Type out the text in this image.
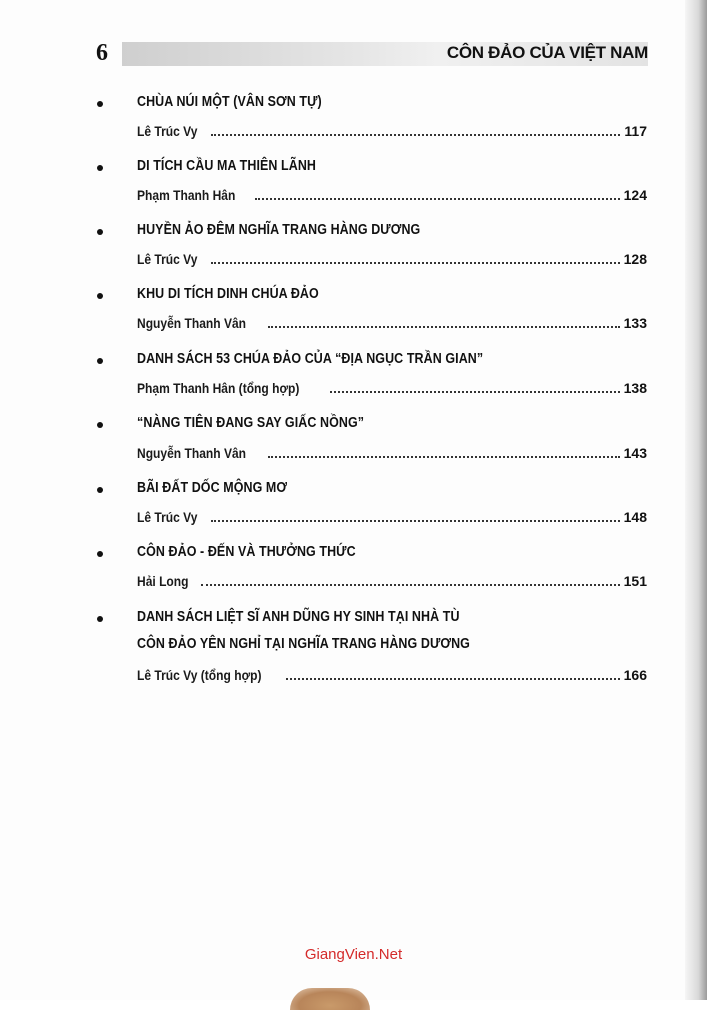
6	CÔN ĐẢO CỦA VIỆT NAM
CHÙA NÚI MỘT (VÂN SƠN TỰ)
Lê Trúc Vy	117
DI TÍCH CẦU MA THIÊN LÃNH
Phạm Thanh Hân	124
HUYỀN ẢO ĐÊM NGHĨA TRANG HÀNG DƯƠNG
Lê Trúc Vy	128
KHU DI TÍCH DINH CHÚA ĐẢO
Nguyễn Thanh Vân	133
DANH SÁCH 53 CHÚA ĐẢO CỦA “ĐỊA NGỤC TRẦN GIAN”
Phạm Thanh Hân (tổng hợp)	138
“NÀNG TIÊN ĐANG SAY GIẤC NỒNG”
Nguyễn Thanh Vân	143
BÃI ĐẤT DỐC MỘNG MƠ
Lê Trúc Vy	148
CÔN ĐẢO - ĐẾN VÀ THƯỞNG THỨC
Hải Long	151
DANH SÁCH LIỆT SĨ ANH DŨNG HY SINH TẠI NHÀ TÙ
CÔN ĐẢO YÊN NGHỈ TẠI NGHĨA TRANG HÀNG DƯƠNG
Lê Trúc Vy (tổng hợp)	166
GiangVien.Net
